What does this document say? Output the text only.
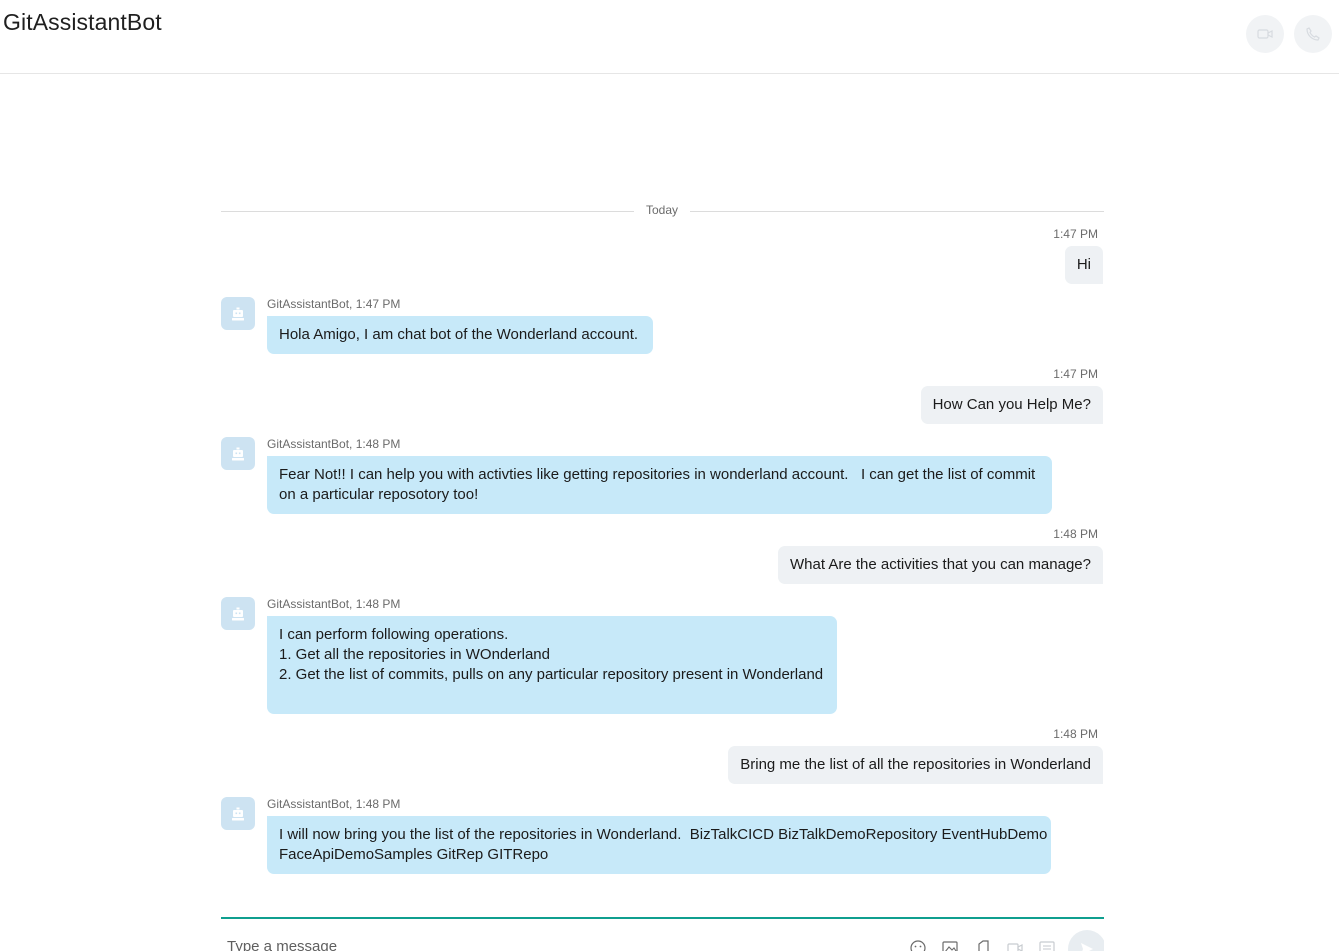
GitAssistantBot
Today
1:47 PM
Hi
GitAssistantBot, 1:47 PM
Hola Amigo, I am chat bot of the Wonderland account.
1:47 PM
How Can you Help Me?
GitAssistantBot, 1:48 PM
Fear Not!! I can help you with activties like getting repositories in wonderland account.   I can get the list of commit
on a particular reposotory too!
1:48 PM
What Are the activities that you can manage?
GitAssistantBot, 1:48 PM
I can perform following operations.
1. Get all the repositories in WOnderland
2. Get the list of commits, pulls on any particular repository present in Wonderland
1:48 PM
Bring me the list of all the repositories in Wonderland
GitAssistantBot, 1:48 PM
I will now bring you the list of the repositories in Wonderland.  BizTalkCICD BizTalkDemoRepository EventHubDemo
FaceApiDemoSamples GitRep GITRepo
Type a message
